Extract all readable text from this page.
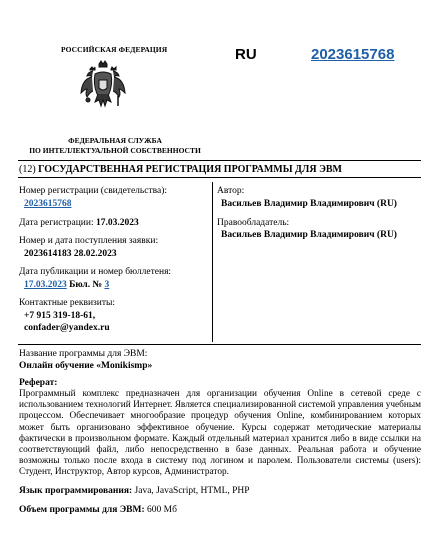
РОССИЙСКАЯ ФЕДЕРАЦИЯ
ФЕДЕРАЛЬНАЯ СЛУЖБА
ПО ИНТЕЛЛЕКТУАЛЬНОЙ СОБСТВЕННОСТИ
RU	2023615768
(12) ГОСУДАРСТВЕННАЯ РЕГИСТРАЦИЯ ПРОГРАММЫ ДЛЯ ЭВМ
Номер регистрации (свидетельства):
2023615768
Дата регистрации: 17.03.2023
Номер и дата поступления заявки:
2023614183 28.02.2023
Дата публикации и номер бюллетеня:
17.03.2023 Бюл. № 3
Контактные реквизиты:
+7 915 319-18-61,
confader@yandex.ru
Автор:
Васильев Владимир Владимирович (RU)
Правообладатель:
Васильев Владимир Владимирович (RU)
Название программы для ЭВМ:
Онлайн обучение «Monikismp»
Реферат:
Программный комплекс предназначен для организации обучения Online в сетевой среде с использованием технологий Интернет. Является специализированной системой управления учебным процессом. Обеспечивает многообразие процедур обучения Online, комбинированием которых может быть организовано эффективное обучение. Курсы содержат методические материалы фактически в произвольном формате. Каждый отдельный материал хранится либо в виде ссылки на соответствующий файл, либо непосредственно в базе данных. Реальная работа и обучение возможны только после входа в систему под логином и паролем. Пользователи системы (users): Студент, Инструктор, Автор курсов, Администратор.
Язык программирования: Java, JavaScript, HTML, PHP
Объем программы для ЭВМ: 600 Мб
